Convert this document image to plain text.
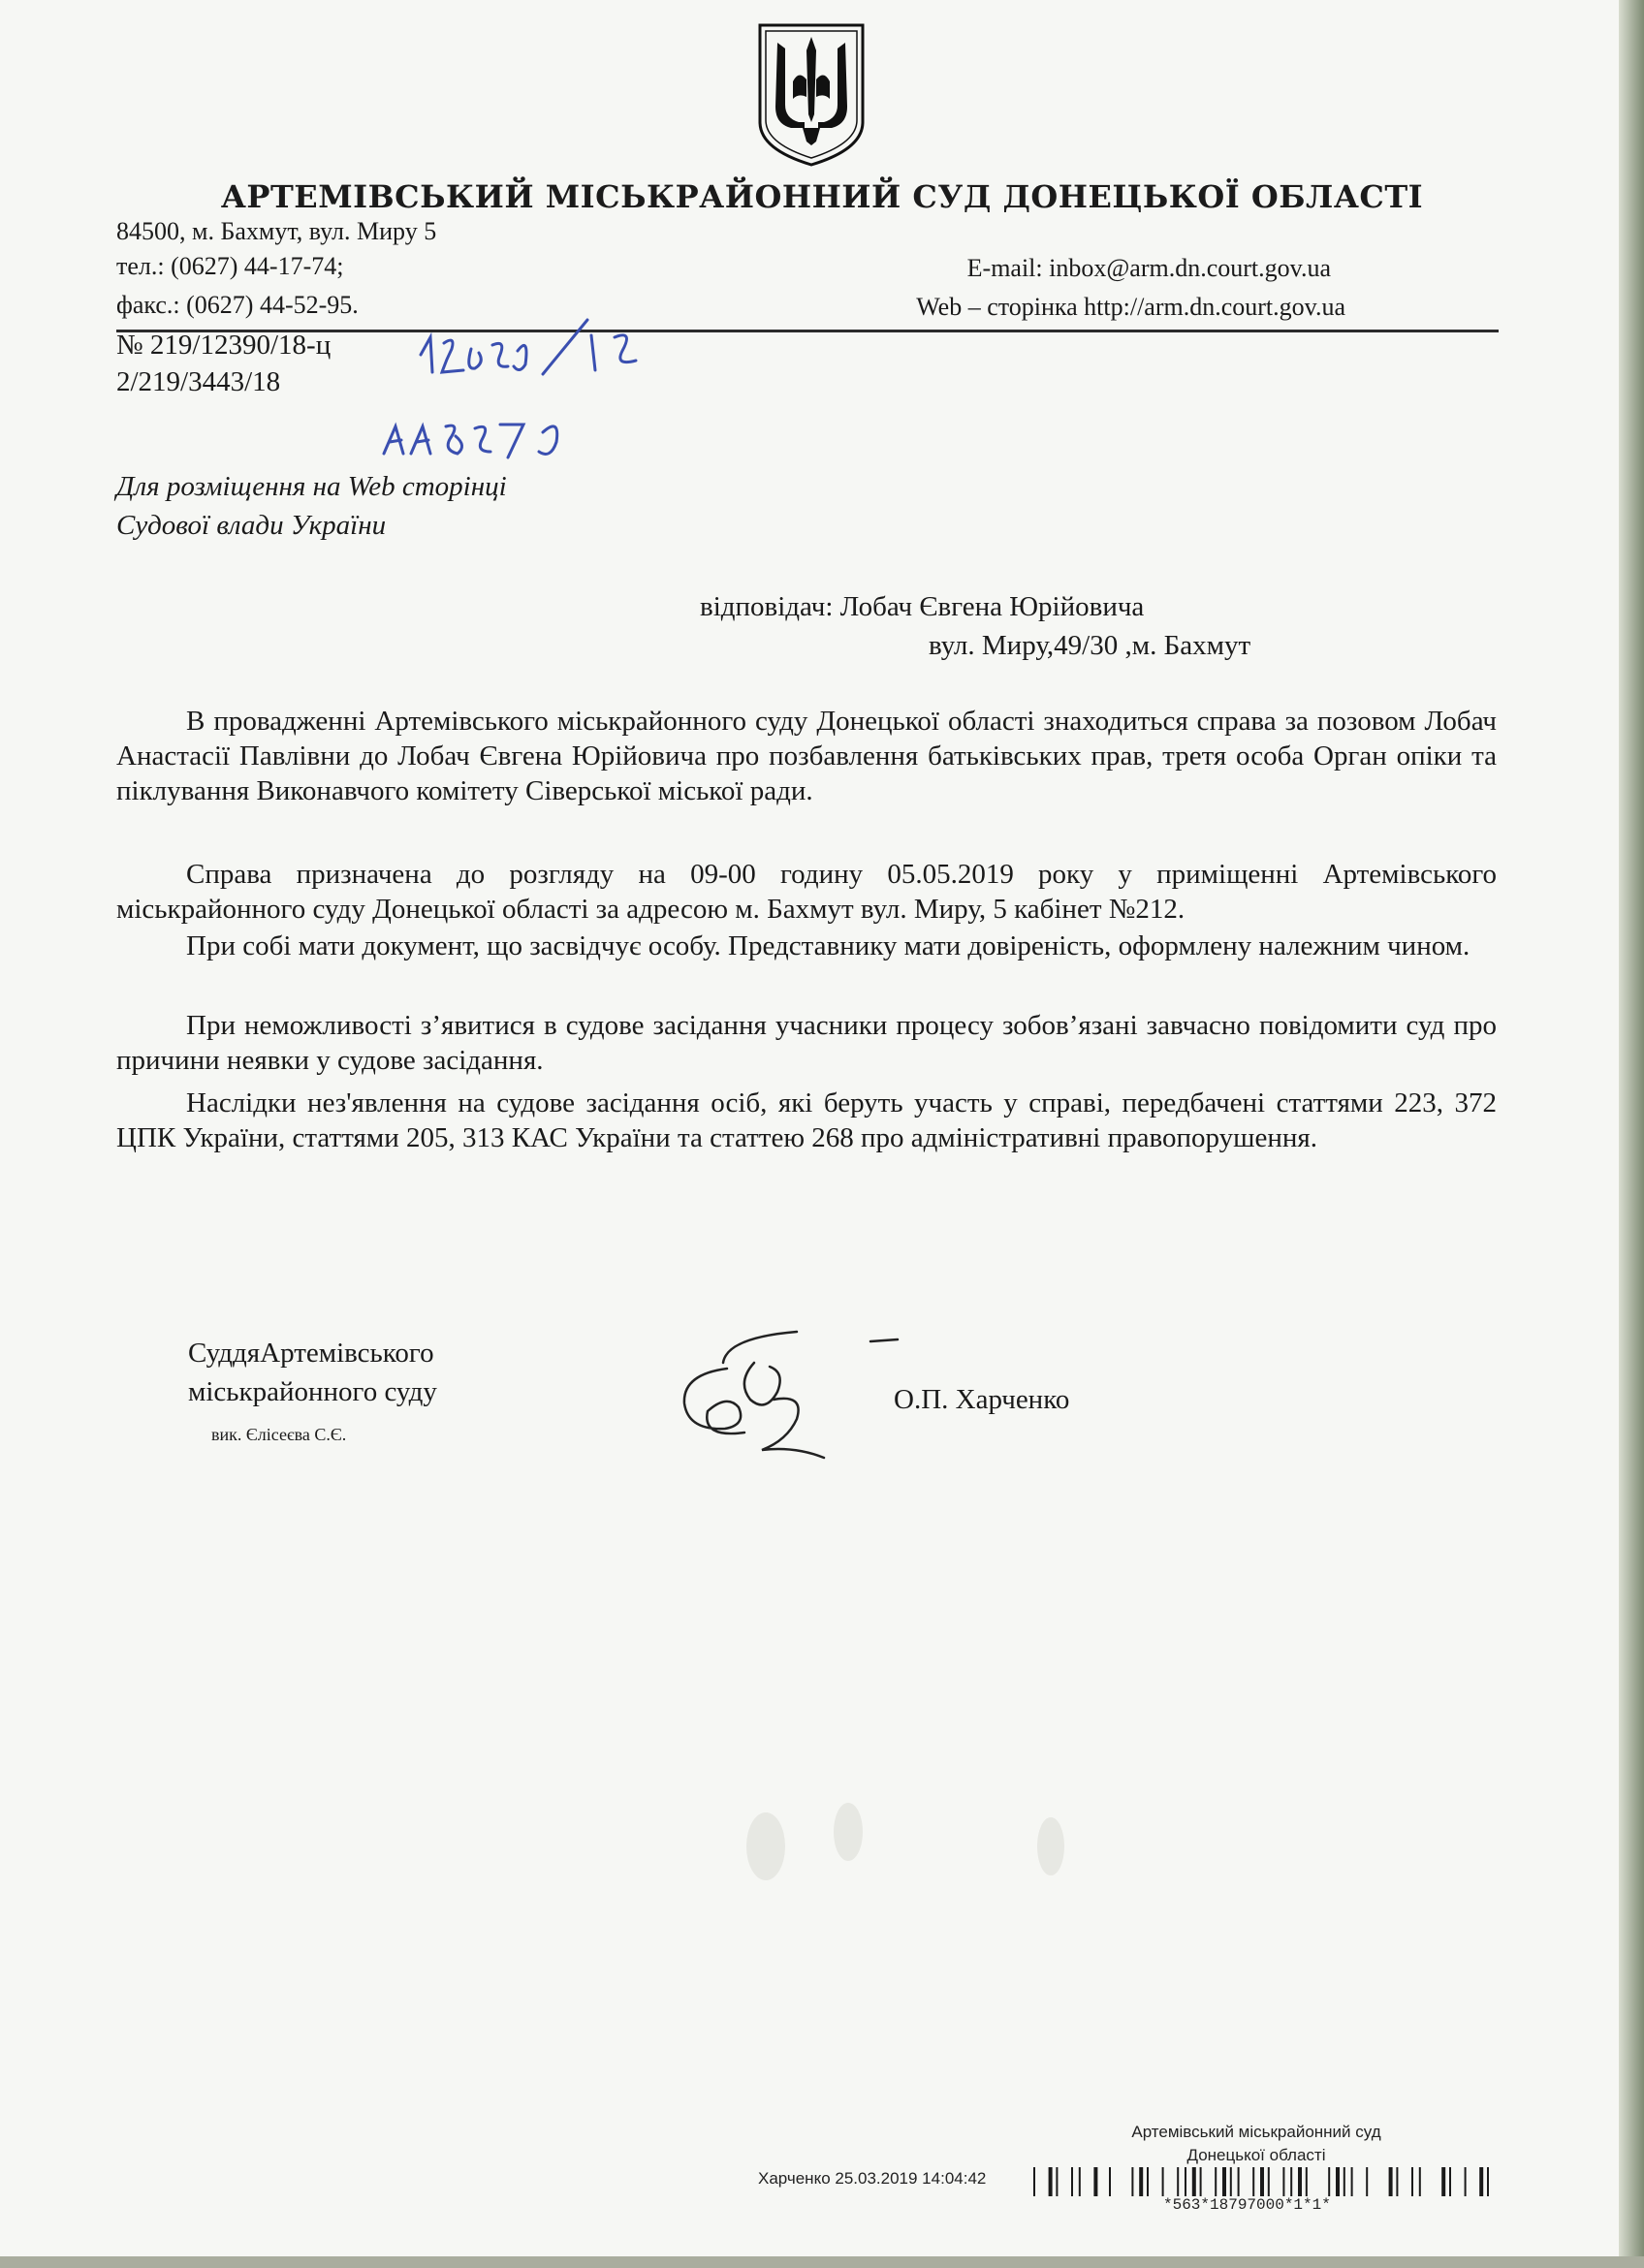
АРТЕМІВСЬКИЙ МІСЬКРАЙОННИЙ СУД ДОНЕЦЬКОЇ ОБЛАСТІ
84500, м. Бахмут, вул. Миру 5
тел.: (0627) 44-17-74;
факс.: (0627) 44-52-95.
E-mail: inbox@arm.dn.court.gov.ua
Web – сторінка http://arm.dn.court.gov.ua
№ 219/12390/18-ц
2/219/3443/18
Для розміщення на Web сторінці
Судової влади України
відповідач: Лобач Євгена Юрійовича
вул. Миру,49/30 ,м. Бахмут
В провадженні Артемівського міськрайонного суду Донецької області знаходиться справа за позовом Лобач Анастасії Павлівни до Лобач Євгена Юрійовича про позбавлення батьківських прав, третя особа Орган опіки та піклування Виконавчого комітету Сіверської міської ради.
Справа призначена до розгляду на 09-00 годину 05.05.2019 року у приміщенні Артемівського міськрайонного суду Донецької області за адресою м. Бахмут вул. Миру, 5 кабінет №212.
При собі мати документ, що засвідчує особу. Представнику мати довіреність, оформлену належним чином.
При неможливості з’явитися в судове засідання учасники процесу зобов’язані завчасно повідомити суд про причини неявки у судове засідання.
Наслідки нез'явлення на судове засідання осіб, які беруть участь у справі, передбачені статтями 223, 372 ЦПК України, статтями 205, 313 КАС України та статтею 268 про адміністративні правопорушення.
СуддяАртемівського
міськрайонного суду
вик. Єлісеєва С.Є.
О.П. Харченко
Артемівський міськрайонний суд
Донецької області
Харченко 25.03.2019 14:04:42
*563*18797000*1*1*
